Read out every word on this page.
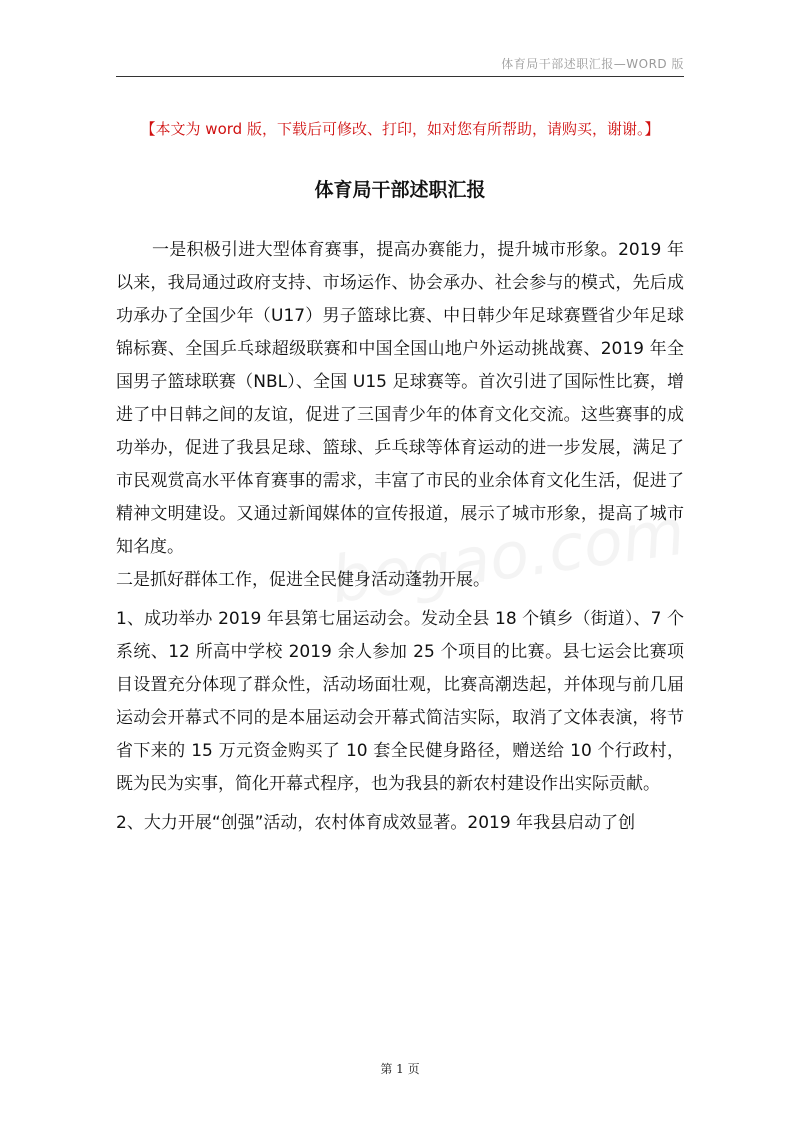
体育局干部述职汇报—WORD 版
【本文为 word 版，下载后可修改、打印，如对您有所帮助，请购买，谢谢。】
体育局干部述职汇报

一是积极引进大型体育赛事，提高办赛能力，提升城市形象。2019 年以来，我局通过政府支持、市场运作、协会承办、社会参与的模式，先后成功承办了全国少年（U17）男子篮球比赛、中日韩少年足球赛暨省少年足球锦标赛、全国乒乓球超级联赛和中国全国山地户外运动挑战赛、2019 年全国男子篮球联赛（NBL）、全国 U15 足球赛等。首次引进了国际性比赛，增进了中日韩之间的友谊，促进了三国青少年的体育文化交流。这些赛事的成功举办，促进了我县足球、篮球、乒乓球等体育运动的进一步发展，满足了市民观赏高水平体育赛事的需求，丰富了市民的业余体育文化生活，促进了精神文明建设。又通过新闻媒体的宣传报道，展示了城市形象，提高了城市知名度。

二是抓好群体工作，促进全民健身活动蓬勃开展。

1、成功举办 2019 年县第七届运动会。发动全县 18 个镇乡（街道）、7 个系统、12 所高中学校 2019 余人参加 25 个项目的比赛。县七运会比赛项目设置充分体现了群众性，活动场面壮观，比赛高潮迭起，并体现与前几届运动会开幕式不同的是本届运动会开幕式简洁实际，取消了文体表演，将节省下来的 15 万元资金购买了 10 套全民健身路径，赠送给 10 个行政村，既为民为实事，简化开幕式程序，也为我县的新农村建设作出实际贡献。

2、大力开展“创强”活动，农村体育成效显著。2019 年我县启动了创

第 1 页
